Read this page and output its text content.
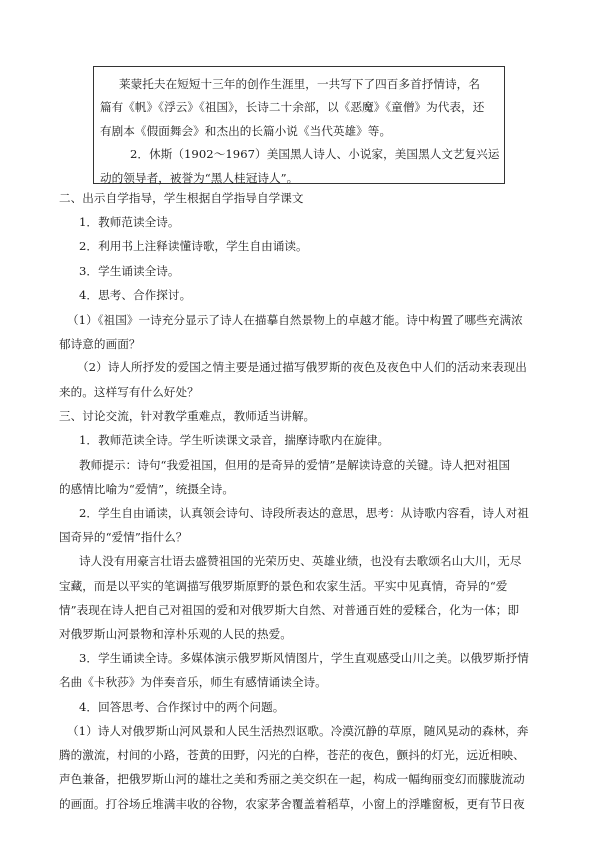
莱蒙托夫在短短十三年的创作生涯里，一共写下了四百多首抒情诗，名
篇有《帆》《浮云》《祖国》，长诗二十余部，以《恶魔》《童僧》为代表，还
有剧本《假面舞会》和杰出的长篇小说《当代英雄》等。
2．休斯（1902～1967）美国黑人诗人、小说家，美国黑人文艺复兴运
动的领导者，被誉为“黑人桂冠诗人”。
二、出示自学指导，学生根据自学指导自学课文
1．教师范读全诗。
2．利用书上注释读懂诗歌，学生自由诵读。
3．学生诵读全诗。
4．思考、合作探讨。
（1）《祖国》一诗充分显示了诗人在描摹自然景物上的卓越才能。诗中构置了哪些充满浓
郁诗意的画面？
（2）诗人所抒发的爱国之情主要是通过描写俄罗斯的夜色及夜色中人们的活动来表现出
来的。这样写有什么好处？
三、讨论交流，针对教学重难点，教师适当讲解。
1．教师范读全诗。学生听读课文录音，揣摩诗歌内在旋律。
教师提示：诗句“我爱祖国，但用的是奇异的爱情”是解读诗意的关键。诗人把对祖国
的感情比喻为“爱情”，统摄全诗。
2．学生自由诵读，认真领会诗句、诗段所表达的意思，思考：从诗歌内容看，诗人对祖
国奇异的“爱情”指什么？
诗人没有用豪言壮语去盛赞祖国的光荣历史、英雄业绩，也没有去歌颂名山大川，无尽
宝藏，而是以平实的笔调描写俄罗斯原野的景色和农家生活。平实中见真情，奇异的“爱
情”表现在诗人把自己对祖国的爱和对俄罗斯大自然、对普通百姓的爱糅合，化为一体；即
对俄罗斯山河景物和淳朴乐观的人民的热爱。
3．学生诵读全诗。多媒体演示俄罗斯风情图片，学生直观感受山川之美。以俄罗斯抒情
名曲《卡秋莎》为伴奏音乐，师生有感情诵读全诗。
4．回答思考、合作探讨中的两个问题。
（1）诗人对俄罗斯山河风景和人民生活热烈讴歌。冷漠沉静的草原，随风晃动的森林，奔
腾的激流，村间的小路，苍黄的田野，闪光的白桦，苍茫的夜色，颤抖的灯光，远近相映、
声色兼备，把俄罗斯山河的雄壮之美和秀丽之美交织在一起，构成一幅绚丽变幻而朦胧流动
的画面。打谷场丘堆满丰收的谷物，农家茅舍覆盖着稻草，小窗上的浮雕窗板，更有节日夜
